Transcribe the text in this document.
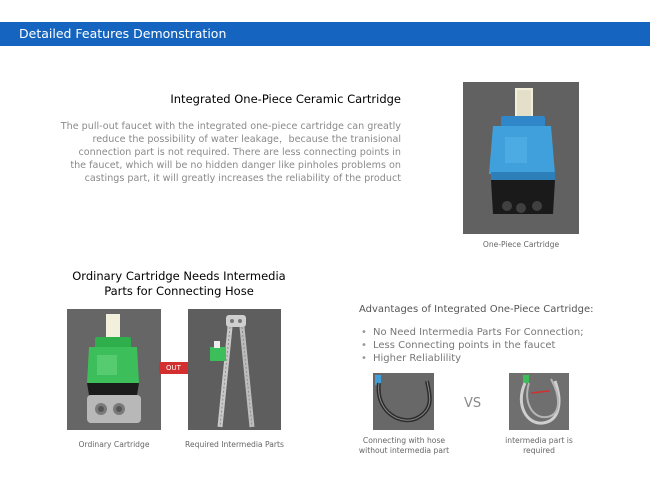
Detailed Features Demonstration
Integrated One-Piece Ceramic Cartridge
The pull-out faucet with the integrated one-piece cartridge can greatly
reduce the possibility of water leakage，because the tranisional
connection part is not required. There are less connecting points in
the faucet, which will be no hidden danger like pinholes problems on
castings part, it will greatly increases the reliability of the product
One-Piece Cartridge
Ordinary Cartridge Needs Intermedia
Parts for Connecting Hose
OUT
Ordinary Cartridge	Required Intermedia Parts
Advantages of Integrated One-Piece Cartridge:
• No Need Intermedia Parts For Connection;
• Less Connecting points in the faucet
• Higher Reliablility
VS
Connecting with hose
without intermedia part
intermedia part is
required
